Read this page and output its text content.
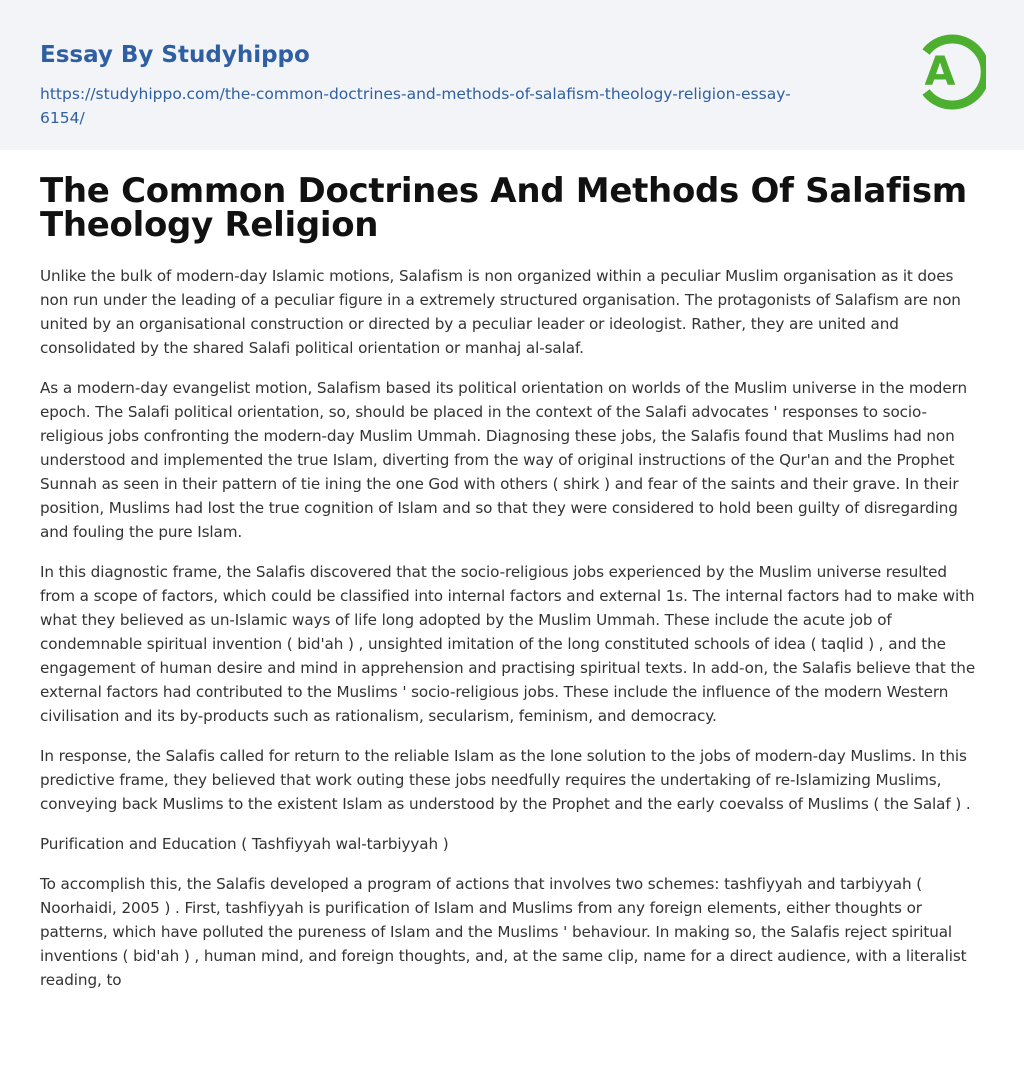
Essay By Studyhippo
https://studyhippo.com/the-common-doctrines-and-methods-of-salafism-theology-religion-essay-6154/
A
The Common Doctrines And Methods Of Salafism Theology Religion

Unlike the bulk of modern-day Islamic motions, Salafism is non organized within a peculiar Muslim organisation as it does non run under the leading of a peculiar figure in a extremely structured organisation. The protagonists of Salafism are non united by an organisational construction or directed by a peculiar leader or ideologist. Rather, they are united and consolidated by the shared Salafi political orientation or manhaj al-salaf.

As a modern-day evangelist motion, Salafism based its political orientation on worlds of the Muslim universe in the modern epoch. The Salafi political orientation, so, should be placed in the context of the Salafi advocates ' responses to socio-religious jobs confronting the modern-day Muslim Ummah. Diagnosing these jobs, the Salafis found that Muslims had non understood and implemented the true Islam, diverting from the way of original instructions of the Qur'an and the Prophet Sunnah as seen in their pattern of tie ining the one God with others ( shirk ) and fear of the saints and their grave. In their position, Muslims had lost the true cognition of Islam and so that they were considered to hold been guilty of disregarding and fouling the pure Islam.

In this diagnostic frame, the Salafis discovered that the socio-religious jobs experienced by the Muslim universe resulted from a scope of factors, which could be classified into internal factors and external 1s. The internal factors had to make with what they believed as un-Islamic ways of life long adopted by the Muslim Ummah. These include the acute job of condemnable spiritual invention ( bid'ah ) , unsighted imitation of the long constituted schools of idea ( taqlid ) , and the engagement of human desire and mind in apprehension and practising spiritual texts. In add-on, the Salafis believe that the external factors had contributed to the Muslims ' socio-religious jobs. These include the influence of the modern Western civilisation and its by-products such as rationalism, secularism, feminism, and democracy.

In response, the Salafis called for return to the reliable Islam as the lone solution to the jobs of modern-day Muslims. In this predictive frame, they believed that work outing these jobs needfully requires the undertaking of re-Islamizing Muslims, conveying back Muslims to the existent Islam as understood by the Prophet and the early coevalss of Muslims ( the Salaf ) .

Purification and Education ( Tashfiyyah wal-tarbiyyah )

To accomplish this, the Salafis developed a program of actions that involves two schemes: tashfiyyah and tarbiyyah ( Noorhaidi, 2005 ) . First, tashfiyyah is purification of Islam and Muslims from any foreign elements, either thoughts or patterns, which have polluted the pureness of Islam and the Muslims ' behaviour. In making so, the Salafis reject spiritual inventions ( bid'ah ) , human mind, and foreign thoughts, and, at the same clip, name for a direct audience, with a literalist reading, to
